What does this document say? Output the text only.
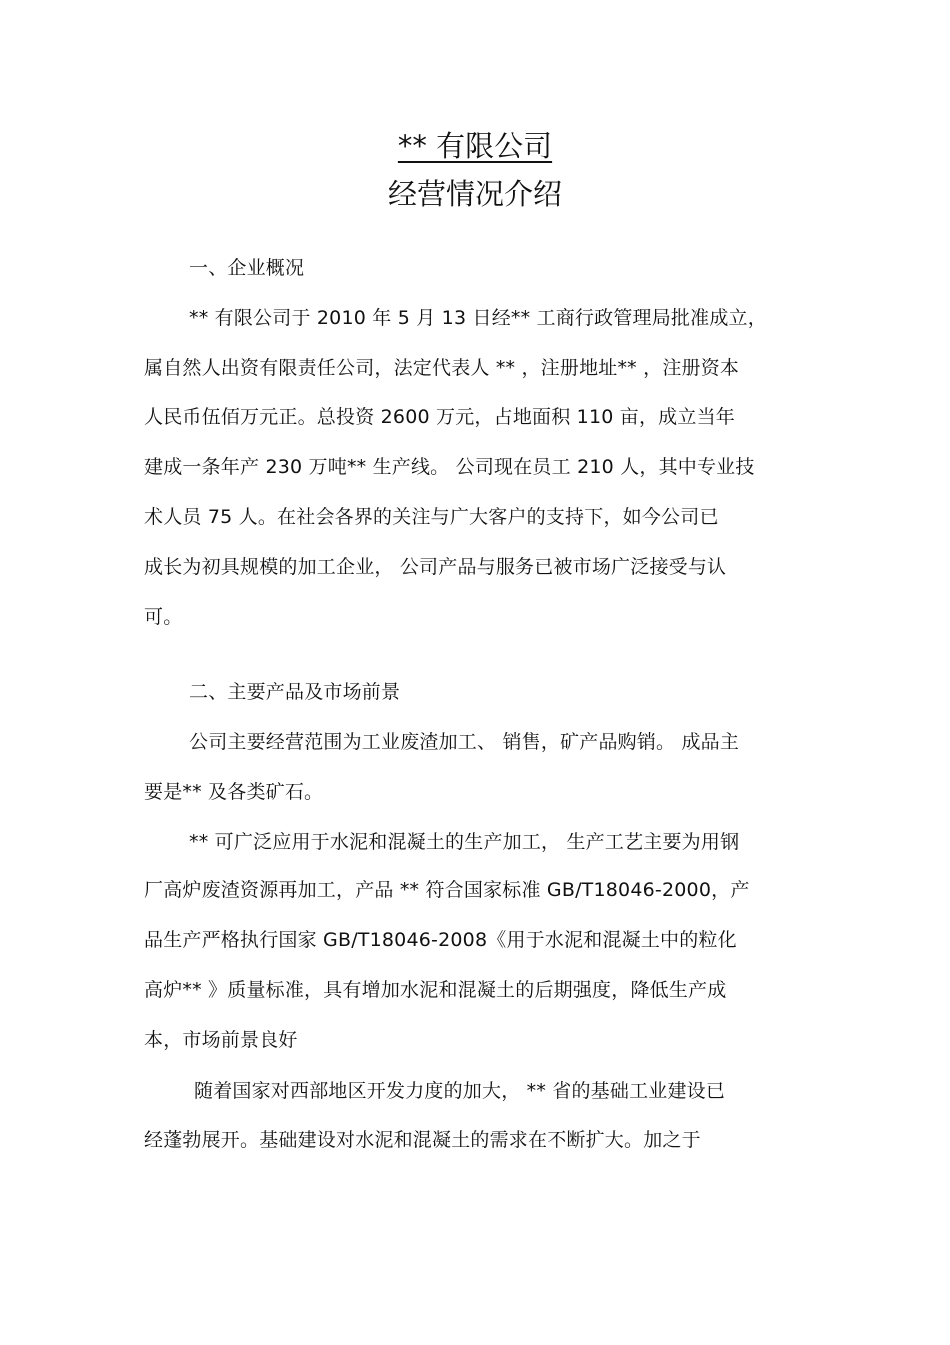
** 有限公司
经营情况介绍
一、企业概况
** 有限公司于 2010 年 5 月 13 日经** 工商行政管理局批准成立，
属自然人出资有限责任公司，法定代表人 ** ，注册地址** ，注册资本
人民币伍佰万元正。总投资 2600 万元，占地面积 110 亩，成立当年
建成一条年产 230 万吨** 生产线。 公司现在员工 210 人，其中专业技
术人员 75 人。在社会各界的关注与广大客户的支持下，如今公司已
成长为初具规模的加工企业， 公司产品与服务已被市场广泛接受与认
可。
二、主要产品及市场前景
公司主要经营范围为工业废渣加工、 销售，矿产品购销。 成品主
要是** 及各类矿石。
** 可广泛应用于水泥和混凝土的生产加工， 生产工艺主要为用钢
厂高炉废渣资源再加工，产品 ** 符合国家标准 GB/T18046-2000，产
品生产严格执行国家 GB/T18046-2008《用于水泥和混凝土中的粒化
高炉** 》质量标准，具有增加水泥和混凝土的后期强度，降低生产成
本，市场前景良好
随着国家对西部地区开发力度的加大， ** 省的基础工业建设已
经蓬勃展开。基础建设对水泥和混凝土的需求在不断扩大。加之于
